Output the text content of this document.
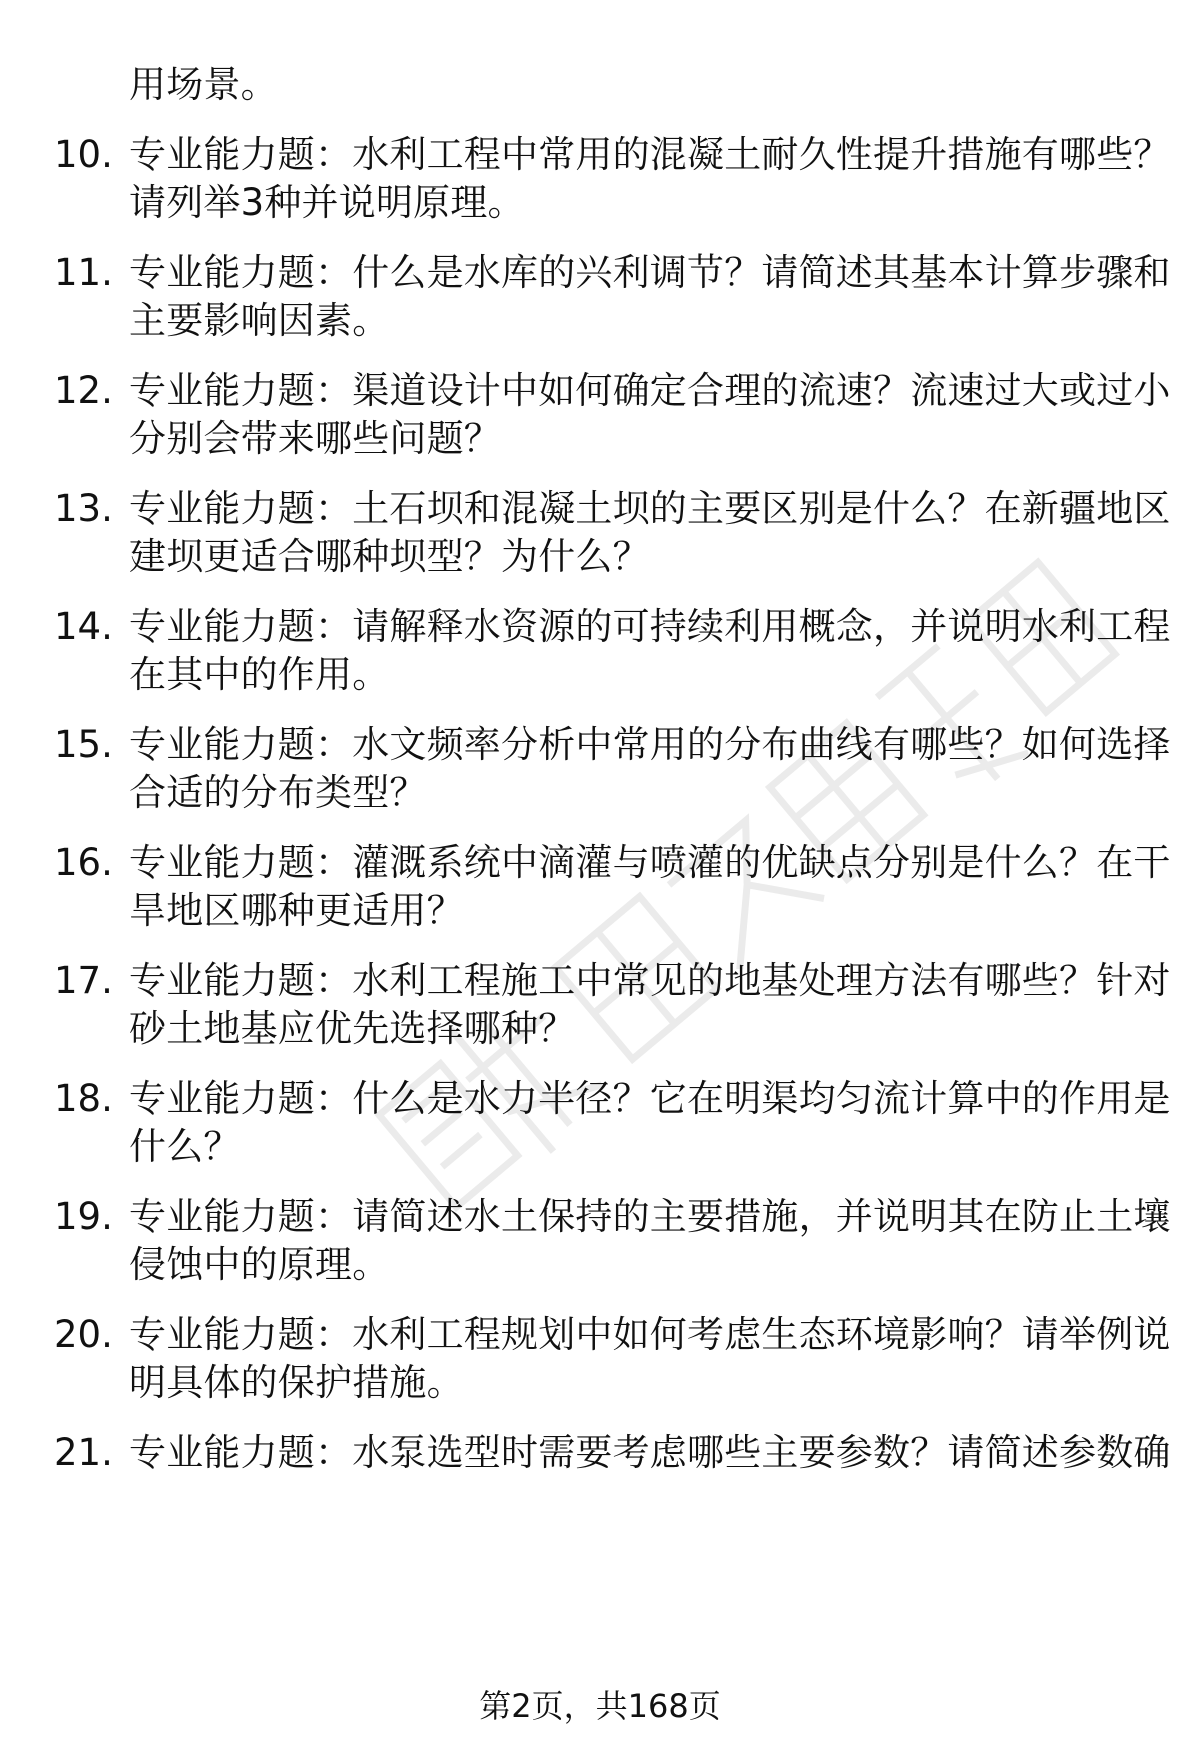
用场景。
10. 专业能力题：水利工程中常用的混凝土耐久性提升措施有哪些？
请列举3种并说明原理。
11. 专业能力题：什么是水库的兴利调节？请简述其基本计算步骤和
主要影响因素。
12. 专业能力题：渠道设计中如何确定合理的流速？流速过大或过小
分别会带来哪些问题？
13. 专业能力题：土石坝和混凝土坝的主要区别是什么？在新疆地区
建坝更适合哪种坝型？为什么？
14. 专业能力题：请解释水资源的可持续利用概念，并说明水利工程
在其中的作用。
15. 专业能力题：水文频率分析中常用的分布曲线有哪些？如何选择
合适的分布类型？
16. 专业能力题：灌溉系统中滴灌与喷灌的优缺点分别是什么？在干
旱地区哪种更适用？
17. 专业能力题：水利工程施工中常见的地基处理方法有哪些？针对
砂土地基应优先选择哪种？
18. 专业能力题：什么是水力半径？它在明渠均匀流计算中的作用是
什么？
19. 专业能力题：请简述水土保持的主要措施，并说明其在防止土壤
侵蚀中的原理。
20. 专业能力题：水利工程规划中如何考虑生态环境影响？请举例说
明具体的保护措施。
21. 专业能力题：水泵选型时需要考虑哪些主要参数？请简述参数确
第2页，共168页
